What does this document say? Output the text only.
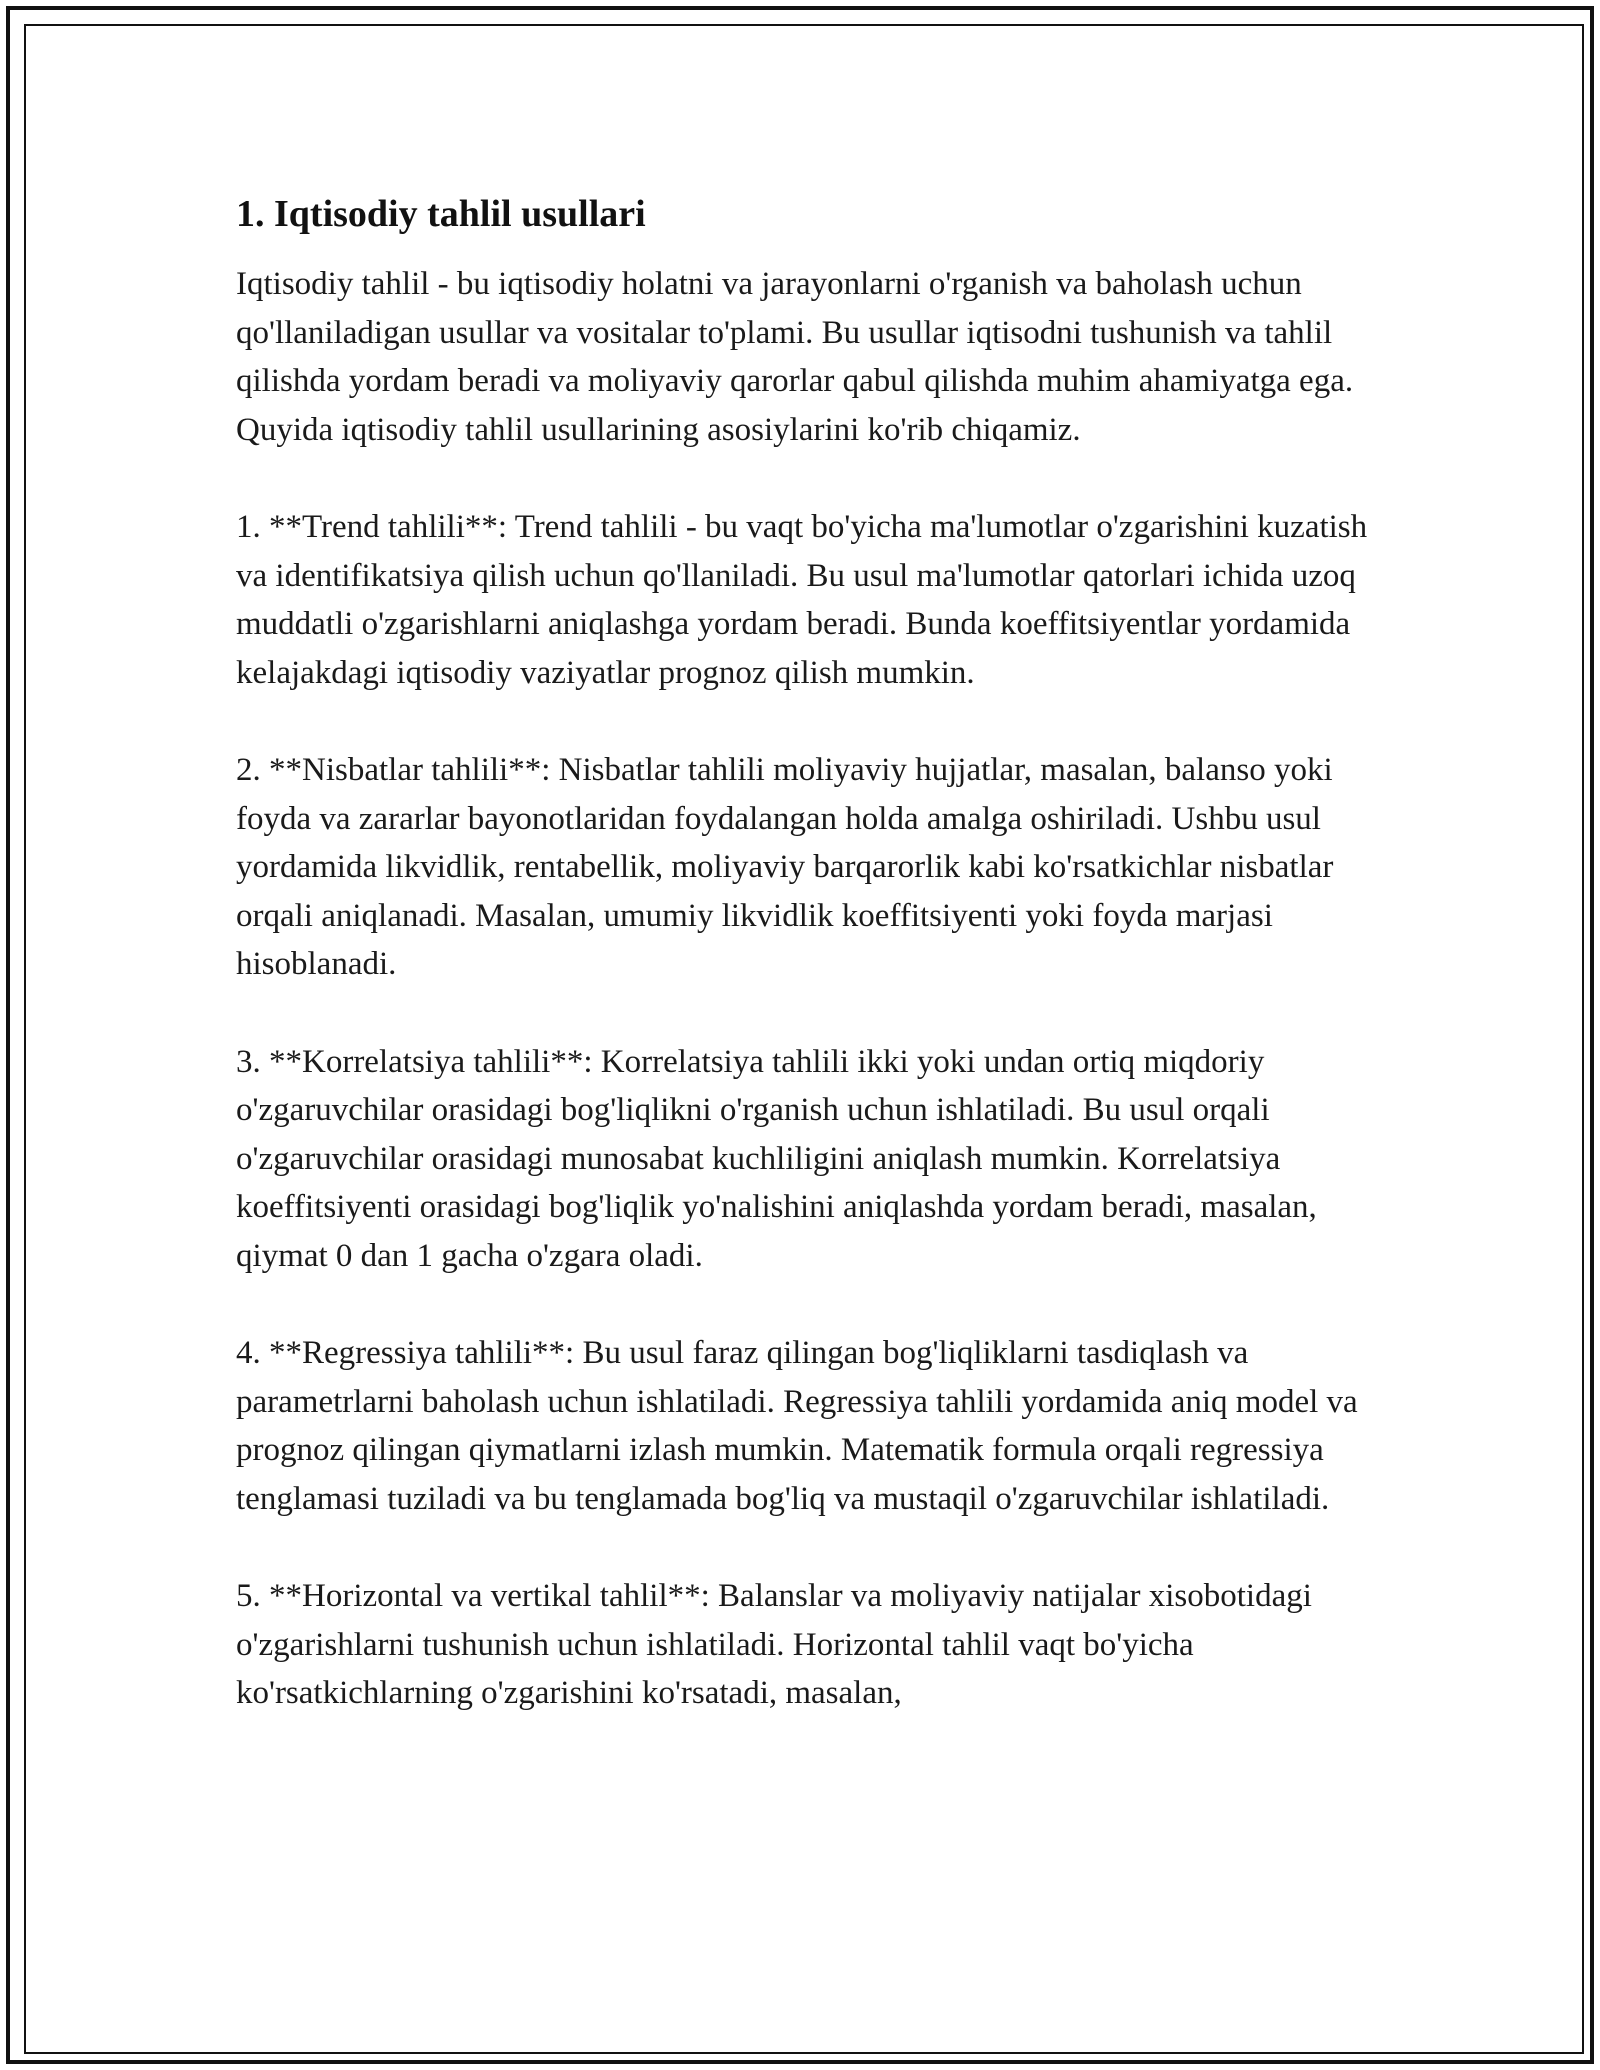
1. Iqtisodiy tahlil usullari

Iqtisodiy tahlil - bu iqtisodiy holatni va jarayonlarni o'rganish va baholash uchun qo'llaniladigan usullar va vositalar to'plami. Bu usullar iqtisodni tushunish va tahlil qilishda yordam beradi va moliyaviy qarorlar qabul qilishda muhim ahamiyatga ega. Quyida iqtisodiy tahlil usullarining asosiylarini ko'rib chiqamiz.

1. **Trend tahlili**: Trend tahlili - bu vaqt bo'yicha ma'lumotlar o'zgarishini kuzatish va identifikatsiya qilish uchun qo'llaniladi. Bu usul ma'lumotlar qatorlari ichida uzoq muddatli o'zgarishlarni aniqlashga yordam beradi. Bunda koeffitsiyentlar yordamida kelajakdagi iqtisodiy vaziyatlar prognoz qilish mumkin.

2. **Nisbatlar tahlili**: Nisbatlar tahlili moliyaviy hujjatlar, masalan, balanso yoki foyda va zararlar bayonotlaridan foydalangan holda amalga oshiriladi. Ushbu usul yordamida likvidlik, rentabellik, moliyaviy barqarorlik kabi ko'rsatkichlar nisbatlar orqali aniqlanadi. Masalan, umumiy likvidlik koeffitsiyenti yoki foyda marjasi hisoblanadi.

3. **Korrelatsiya tahlili**: Korrelatsiya tahlili ikki yoki undan ortiq miqdoriy o'zgaruvchilar orasidagi bog'liqlikni o'rganish uchun ishlatiladi. Bu usul orqali o'zgaruvchilar orasidagi munosabat kuchliligini aniqlash mumkin. Korrelatsiya koeffitsiyenti orasidagi bog'liqlik yo'nalishini aniqlashda yordam beradi, masalan, qiymat 0 dan 1 gacha o'zgara oladi.

4. **Regressiya tahlili**: Bu usul faraz qilingan bog'liqliklarni tasdiqlash va parametrlarni baholash uchun ishlatiladi. Regressiya tahlili yordamida aniq model va prognoz qilingan qiymatlarni izlash mumkin. Matematik formula orqali regressiya tenglamasi tuziladi va bu tenglamada bog'liq va mustaqil o'zgaruvchilar ishlatiladi.

5. **Horizontal va vertikal tahlil**: Balanslar va moliyaviy natijalar xisobotidagi o'zgarishlarni tushunish uchun ishlatiladi. Horizontal tahlil vaqt bo'yicha ko'rsatkichlarning o'zgarishini ko'rsatadi, masalan,
